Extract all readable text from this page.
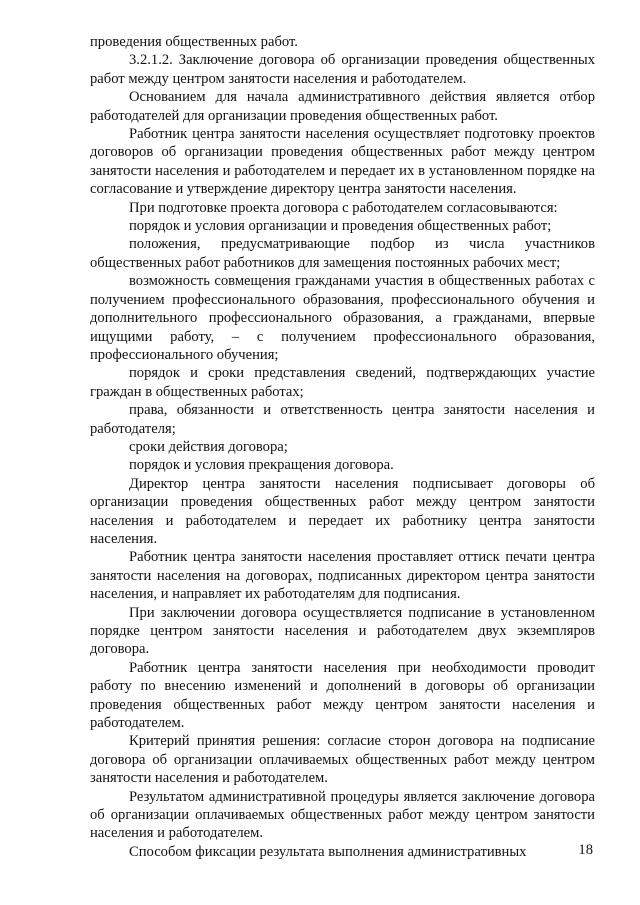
проведения общественных работ.

3.2.1.2. Заключение договора об организации проведения общественных работ между центром занятости населения и работодателем.

Основанием для начала административного действия является отбор работодателей для организации проведения общественных работ.

Работник центра занятости населения осуществляет подготовку проектов договоров об организации проведения общественных работ между центром занятости населения и работодателем и передает их в установленном порядке на согласование и утверждение директору центра занятости населения.

При подготовке проекта договора с работодателем согласовываются:

порядок и условия организации и проведения общественных работ;

положения, предусматривающие подбор из числа участников общественных работ работников для замещения постоянных рабочих мест;

возможность совмещения гражданами участия в общественных работах с получением профессионального образования, профессионального обучения и дополнительного профессионального образования, а гражданами, впервые ищущими работу, – с получением профессионального образования, профессионального обучения;

порядок и сроки представления сведений, подтверждающих участие граждан в общественных работах;

права, обязанности и ответственность центра занятости населения и работодателя;

сроки действия договора;

порядок и условия прекращения договора.

Директор центра занятости населения подписывает договоры об организации проведения общественных работ между центром занятости населения и работодателем и передает их работнику центра занятости населения.

Работник центра занятости населения проставляет оттиск печати центра занятости населения на договорах, подписанных директором центра занятости населения, и направляет их работодателям для подписания.

При заключении договора осуществляется подписание в установленном порядке центром занятости населения и работодателем двух экземпляров договора.

Работник центра занятости населения при необходимости проводит работу по внесению изменений и дополнений в договоры об организации проведения общественных работ между центром занятости населения и работодателем.

Критерий принятия решения: согласие сторон договора на подписание договора об организации оплачиваемых общественных работ между центром занятости населения и работодателем.

Результатом административной процедуры является заключение договора об организации оплачиваемых общественных работ между центром занятости населения и работодателем.

Способом фиксации результата выполнения административных	18
